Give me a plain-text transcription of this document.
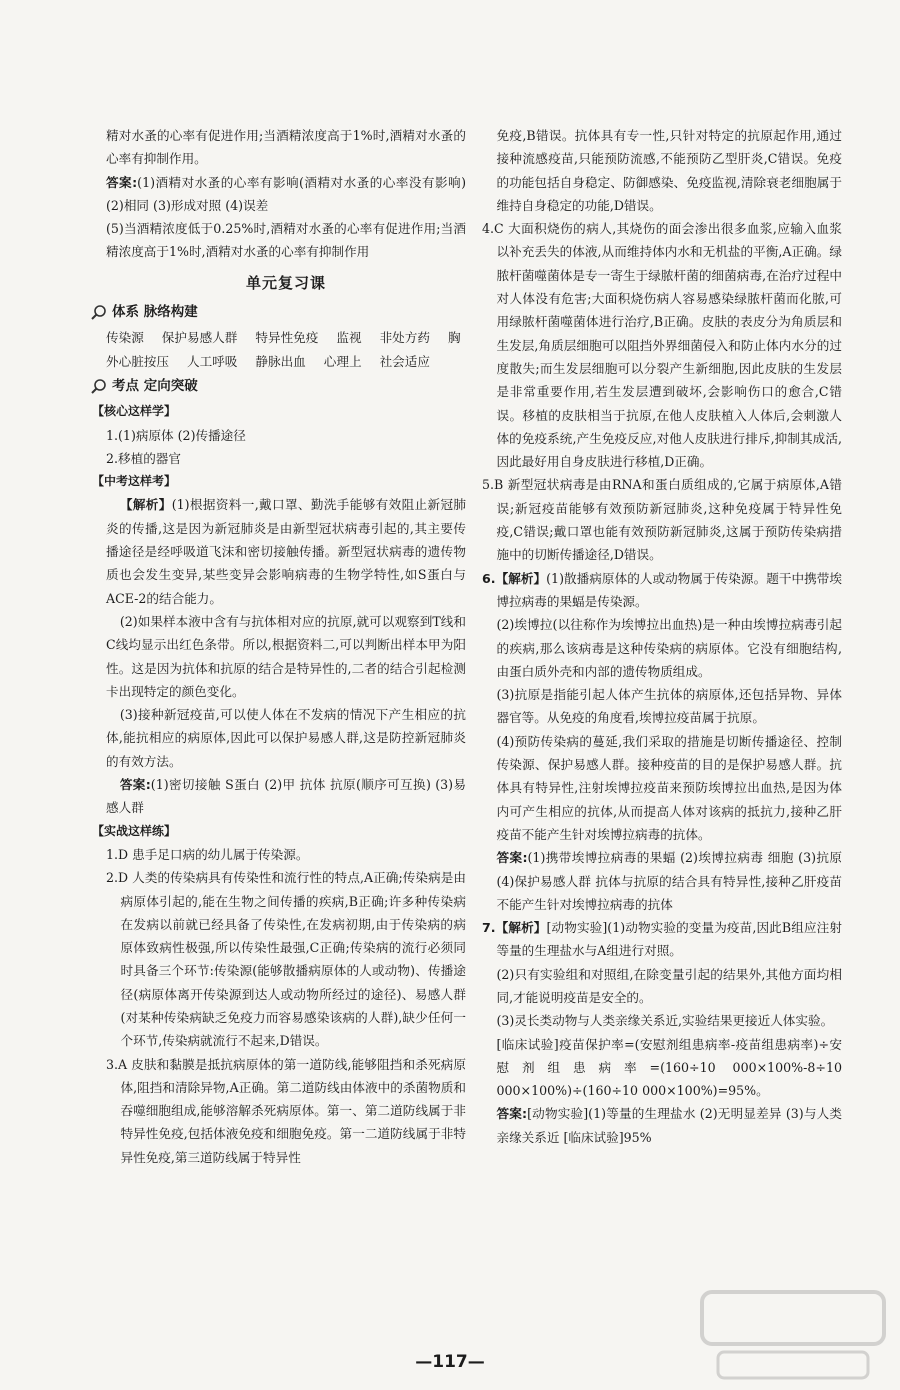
精对水蚤的心率有促进作用;当酒精浓度高于1%时,酒精对水蚤的心率有抑制作用。

答案:(1)酒精对水蚤的心率有影响(酒精对水蚤的心率没有影响) (2)相同 (3)形成对照 (4)误差

(5)当酒精浓度低于0.25%时,酒精对水蚤的心率有促进作用;当酒精浓度高于1%时,酒精对水蚤的心率有抑制作用

单元复习课

体系 脉络构建

传染源 保护易感人群 特异性免疫 监视 非处方药 胸外心脏按压 人工呼吸 静脉出血 心理上 社会适应

考点 定向突破

【核心这样学】

1.(1)病原体 (2)传播途径

2.移植的器官

【中考这样考】

【解析】(1)根据资料一,戴口罩、勤洗手能够有效阻止新冠肺炎的传播,这是因为新冠肺炎是由新型冠状病毒引起的,其主要传播途径是经呼吸道飞沫和密切接触传播。新型冠状病毒的遗传物质也会发生变异,某些变异会影响病毒的生物学特性,如S蛋白与ACE-2的结合能力。

(2)如果样本液中含有与抗体相对应的抗原,就可以观察到T线和C线均显示出红色条带。所以,根据资料二,可以判断出样本甲为阳性。这是因为抗体和抗原的结合是特异性的,二者的结合引起检测卡出现特定的颜色变化。

(3)接种新冠疫苗,可以使人体在不发病的情况下产生相应的抗体,能抗相应的病原体,因此可以保护易感人群,这是防控新冠肺炎的有效方法。

答案:(1)密切接触 S蛋白 (2)甲 抗体 抗原(顺序可互换) (3)易感人群

【实战这样练】

1.D 患手足口病的幼儿属于传染源。

2.D 人类的传染病具有传染性和流行性的特点,A正确;传染病是由病原体引起的,能在生物之间传播的疾病,B正确;许多种传染病在发病以前就已经具备了传染性,在发病初期,由于传染病的病原体致病性极强,所以传染性最强,C正确;传染病的流行必须同时具备三个环节:传染源(能够散播病原体的人或动物)、传播途径(病原体离开传染源到达人或动物所经过的途径)、易感人群(对某种传染病缺乏免疫力而容易感染该病的人群),缺少任何一个环节,传染病就流行不起来,D错误。

3.A 皮肤和黏膜是抵抗病原体的第一道防线,能够阻挡和杀死病原体,阻挡和清除异物,A正确。第二道防线由体液中的杀菌物质和吞噬细胞组成,能够溶解杀死病原体。第一、第二道防线属于非特异性免疫,包括体液免疫和细胞免疫。第一二道防线属于非特异性免疫,第三道防线属于特异性

免疫,B错误。抗体具有专一性,只针对特定的抗原起作用,通过接种流感疫苗,只能预防流感,不能预防乙型肝炎,C错误。免疫的功能包括自身稳定、防御感染、免疫监视,清除衰老细胞属于维持自身稳定的功能,D错误。

4.C 大面积烧伤的病人,其烧伤的面会渗出很多血浆,应输入血浆以补充丢失的体液,从而维持体内水和无机盐的平衡,A正确。绿脓杆菌噬菌体是专一寄生于绿脓杆菌的细菌病毒,在治疗过程中对人体没有危害;大面积烧伤病人容易感染绿脓杆菌而化脓,可用绿脓杆菌噬菌体进行治疗,B正确。皮肤的表皮分为角质层和生发层,角质层细胞可以阻挡外界细菌侵入和防止体内水分的过度散失;而生发层细胞可以分裂产生新细胞,因此皮肤的生发层是非常重要作用,若生发层遭到破坏,会影响伤口的愈合,C错误。移植的皮肤相当于抗原,在他人皮肤植入人体后,会刺激人体的免疫系统,产生免疫反应,对他人皮肤进行排斥,抑制其成活,因此最好用自身皮肤进行移植,D正确。

5.B 新型冠状病毒是由RNA和蛋白质组成的,它属于病原体,A错误;新冠疫苗能够有效预防新冠肺炎,这种免疫属于特异性免疫,C错误;戴口罩也能有效预防新冠肺炎,这属于预防传染病措施中的切断传播途径,D错误。

6.【解析】(1)散播病原体的人或动物属于传染源。题干中携带埃博拉病毒的果蝠是传染源。

(2)埃博拉(以往称作为埃博拉出血热)是一种由埃博拉病毒引起的疾病,那么该病毒是这种传染病的病原体。它没有细胞结构,由蛋白质外壳和内部的遗传物质组成。

(3)抗原是指能引起人体产生抗体的病原体,还包括异物、异体器官等。从免疫的角度看,埃博拉疫苗属于抗原。

(4)预防传染病的蔓延,我们采取的措施是切断传播途径、控制传染源、保护易感人群。接种疫苗的目的是保护易感人群。抗体具有特异性,注射埃博拉疫苗来预防埃博拉出血热,是因为体内可产生相应的抗体,从而提高人体对该病的抵抗力,接种乙肝疫苗不能产生针对埃博拉病毒的抗体。

答案:(1)携带埃博拉病毒的果蝠 (2)埃博拉病毒 细胞 (3)抗原 (4)保护易感人群 抗体与抗原的结合具有特异性,接种乙肝疫苗不能产生针对埃博拉病毒的抗体

7.【解析】[动物实验](1)动物实验的变量为疫苗,因此B组应注射等量的生理盐水与A组进行对照。

(2)只有实验组和对照组,在除变量引起的结果外,其他方面均相同,才能说明疫苗是安全的。

(3)灵长类动物与人类亲缘关系近,实验结果更接近人体实验。

[临床试验]疫苗保护率=(安慰剂组患病率-疫苗组患病率)÷安慰剂组患病率=(160÷10 000×100%-8÷10 000×100%)÷(160÷10 000×100%)=95%。

答案:[动物实验](1)等量的生理盐水 (2)无明显差异 (3)与人类亲缘关系近 [临床试验]95%

—117—
